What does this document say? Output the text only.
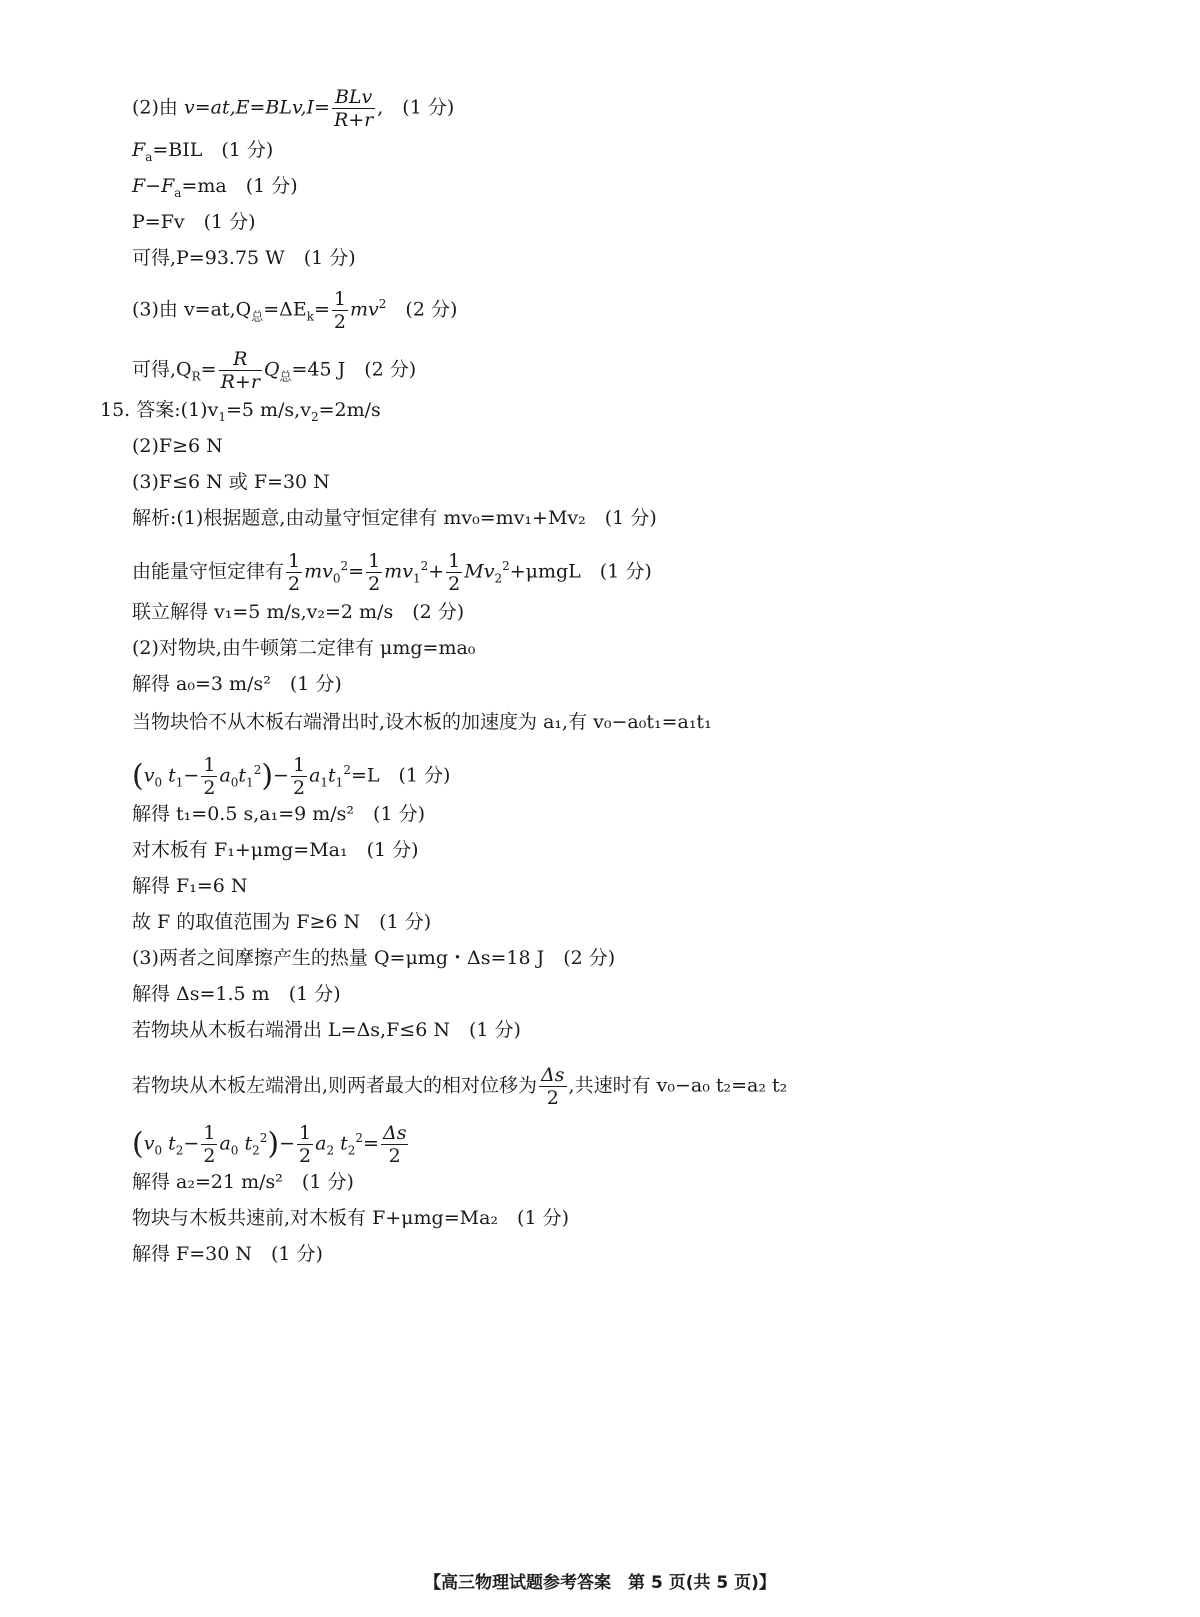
(2)由 $v=at,E=BLv,I= \frac{\text{BLv}}{R+r}$ ,　(1 分)
$F_a=BIL$　(1 分)
$F-F_a=ma$　(1 分)
P=Fv　(1 分)
可得,P=93.75 W　(1 分)
(3)由 $v=at,Q_总=\Delta E_k= \frac{1}{2} mv^2$　(2 分)
可得$,Q_R= \frac{R}{R+r} Q_总=45$ J　(2 分)
15. 答案$:(1)v_1=5$ $m/s,v_2=2m/s$
(2)F≥6 N
(3)F≤6 N 或 F=30 N
解析:(1)根据题意,由动量守恒定律有 mv₀=mv₁+Mv₂　(1 分)
由能量守恒定律有 $\frac{1}{2} mv_0^2= \frac{1}{2} mv_1^2+ \frac{1}{2} Mv_2^2+\mu mgL$　(1 分)
联立解得 v₁=5 m/s,v₂=2 m/s　(2 分)
(2)对物块,由牛顿第二定律有 μmg=ma₀
解得 a₀=3 m/s²　(1 分)
当物块恰不从木板右端滑出时,设木板的加速度为 a₁,有 v₀−a₀t₁=a₁t₁
($v_0$ $t_1- \frac{1}{2} a_0t_1^2)- \frac{1}{2} a_1t_1^2=L$　(1 分)
解得 t₁=0.5 s,a₁=9 m/s²　(1 分)
对木板有 F₁+μmg=Ma₁　(1 分)
解得 F₁=6 N
故 F 的取值范围为 F≥6 N　(1 分)
(3)两者之间摩擦产生的热量 Q=μmg・Δs=18 J　(2 分)
解得 Δs=1.5 m　(1 分)
若物块从木板右端滑出 L=Δs,F≤6 N　(1 分)
若物块从木板左端滑出,则两者最大的相对位移为 $\frac{\Delta s}{2}$ ,共速时有 v₀−a₀ t₂=a₂ t₂
($v_0$ $t_2- \frac{1}{2} a_0$ $t_2^2)- \frac{1}{2} a_2$ $t_2^2= \frac{\Delta s}{2}$
解得 a₂=21 m/s²　(1 分)
物块与木板共速前,对木板有 F+μmg=Ma₂　(1 分)
解得 F=30 N　(1 分)
【高三物理试题参考答案　第 5 页(共 5 页)】
